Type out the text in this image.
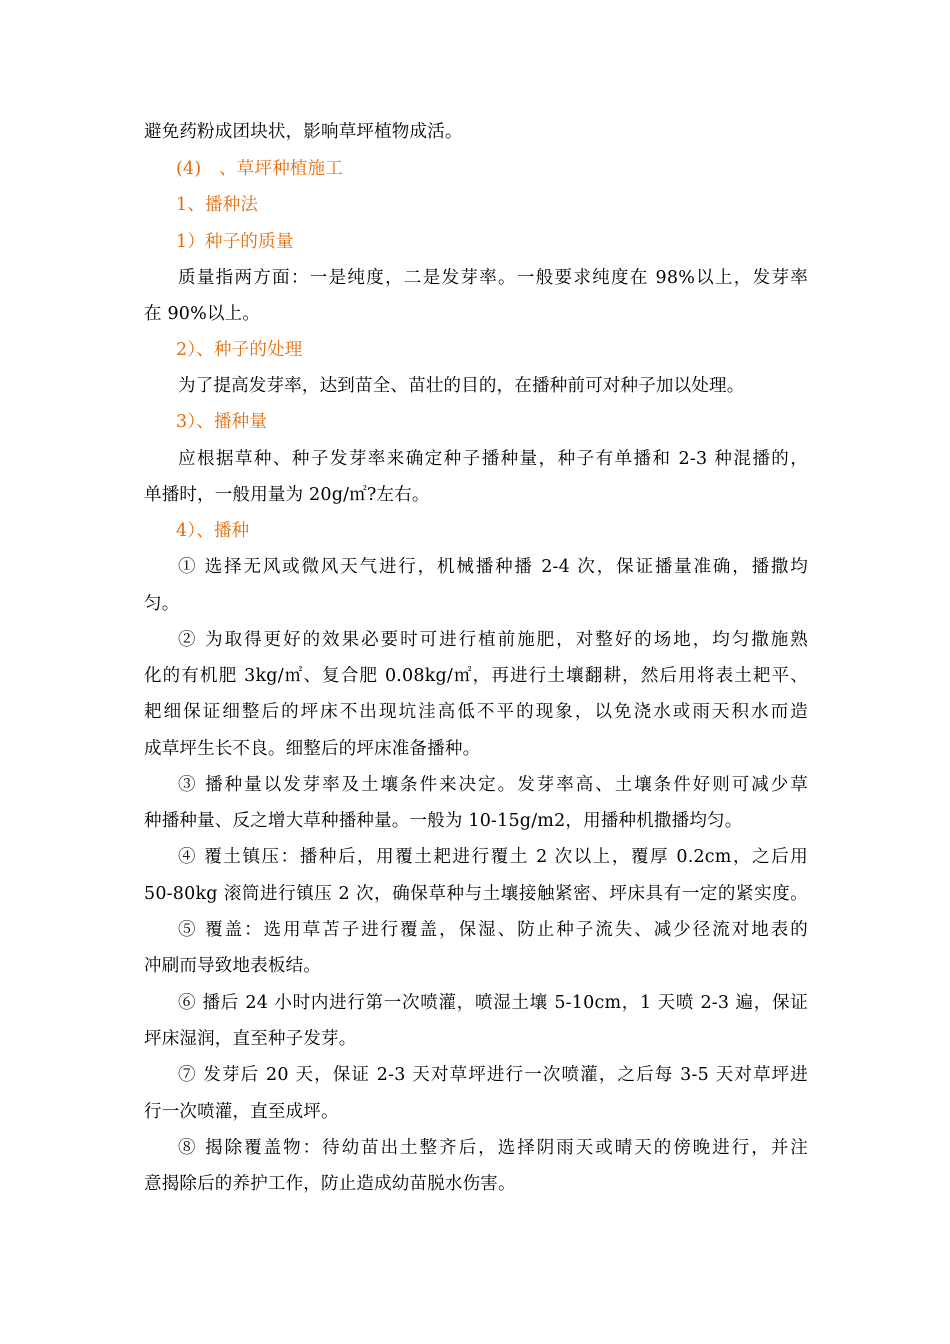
避免药粉成团块状，影响草坪植物成活。
(4)　、草坪种植施工
1、播种法
1）种子的质量
质量指两方面：一是纯度，二是发芽率。一般要求纯度在 98%以上，发芽率
在 90%以上。
2）、种子的处理
为了提高发芽率，达到苗全、苗壮的目的，在播种前可对种子加以处理。
3）、播种量
应根据草种、种子发芽率来确定种子播种量，种子有单播和 2-3 种混播的，
单播时，一般用量为 20g/㎡?左右。
4）、播种
① 选择无风或微风天气进行，机械播种播 2-4 次，保证播量准确，播撒均
匀。
② 为取得更好的效果必要时可进行植前施肥，对整好的场地，均匀撒施熟
化的有机肥 3kg/㎡、复合肥 0.08kg/㎡，再进行土壤翻耕，然后用将表土耙平、
耙细保证细整后的坪床不出现坑洼高低不平的现象，以免浇水或雨天积水而造
成草坪生长不良。细整后的坪床准备播种。
③ 播种量以发芽率及土壤条件来决定。发芽率高、土壤条件好则可减少草
种播种量、反之增大草种播种量。一般为 10-15g/m2，用播种机撒播均匀。
④ 覆土镇压：播种后，用覆土耙进行覆土 2 次以上，覆厚 0.2cm，之后用
50-80kg 滚筒进行镇压 2 次，确保草种与土壤接触紧密、坪床具有一定的紧实度。
⑤ 覆盖：选用草苫子进行覆盖，保湿、防止种子流失、减少径流对地表的
冲刷而导致地表板结。
⑥ 播后 24 小时内进行第一次喷灌，喷湿土壤 5-10cm，1 天喷 2-3 遍，保证
坪床湿润，直至种子发芽。
⑦ 发芽后 20 天，保证 2-3 天对草坪进行一次喷灌，之后每 3-5 天对草坪进
行一次喷灌，直至成坪。
⑧ 揭除覆盖物：待幼苗出土整齐后，选择阴雨天或晴天的傍晚进行，并注
意揭除后的养护工作，防止造成幼苗脱水伤害。
